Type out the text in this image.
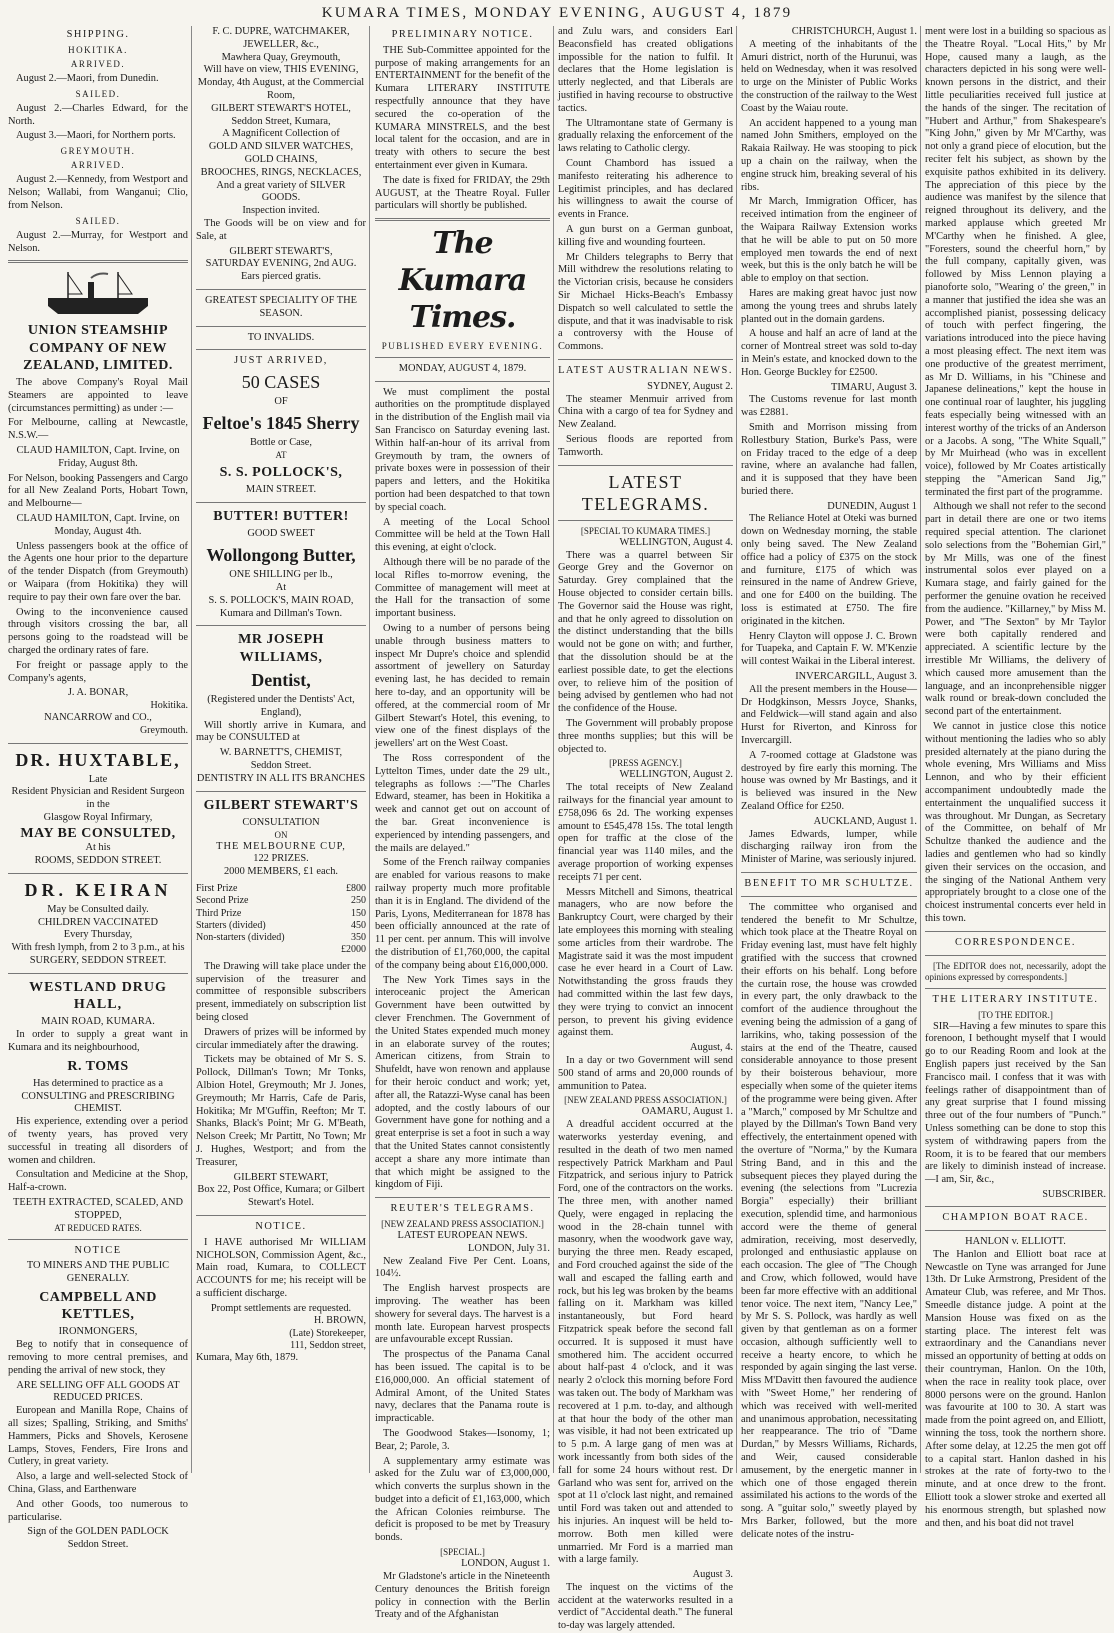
KUMARA TIMES, MONDAY EVENING, AUGUST 4, 1879
SHIPPING.
HOKITIKA.
ARRIVED.

August 2.—Maori, from Dunedin.

SAILED.

August 2.—Charles Edward, for the North.

August 3.—Maori, for Northern ports.

GREYMOUTH.
ARRIVED.

August 2.—Kennedy, from Westport and Nelson; Wallabi, from Wanganui; Clio, from Nelson.

SAILED.

August 2.—Murray, for Westport and Nelson.

UNION STEAMSHIP COMPANY OF NEW ZEALAND, LIMITED.

The above Company's Royal Mail Steamers are appointed to leave (circumstances permitting) as under :—

For Melbourne, calling at Newcastle, N.S.W.—

CLAUD HAMILTON, Capt. Irvine, on Friday, August 8th.

For Nelson, booking Passengers and Cargo for all New Zealand Ports, Hobart Town, and Melbourne—

CLAUD HAMILTON, Capt. Irvine, on Monday, August 4th.

Unless passengers book at the office of the Agents one hour prior to the departure of the tender Dispatch (from Greymouth) or Waipara (from Hokitika) they will require to pay their own fare over the bar.

Owing to the inconvenience caused through visitors crossing the bar, all persons going to the roadstead will be charged the ordinary rates of fare.

For freight or passage apply to the Company's agents,

J. A. BONAR,
Hokitika.
NANCARROW and CO.,
Greymouth.
DR. HUXTABLE,
Late
Resident Physician and Resident Surgeon in the
Glasgow Royal Infirmary,
MAY BE CONSULTED,
At his
ROOMS, SEDDON STREET.
DR. KEIRAN
May be Consulted daily.
CHILDREN VACCINATED
Every Thursday,
With fresh lymph, from 2 to 3 p.m., at his
SURGERY, SEDDON STREET.
WESTLAND DRUG HALL,
MAIN ROAD, KUMARA.

In order to supply a great want in Kumara and its neighbourhood,

R. TOMS
Has determined to practice as a
CONSULTING and PRESCRIBING CHEMIST.

His experience, extending over a period of twenty years, has proved very successful in treating all disorders of women and children.

Consultation and Medicine at the Shop, Half-a-crown.

TEETH EXTRACTED, SCALED, AND STOPPED,
AT REDUCED RATES.
NOTICE
TO MINERS AND THE PUBLIC GENERALLY.
CAMPBELL AND KETTLES,
IRONMONGERS,

Beg to notify that in consequence of removing to more central premises, and pending the arrival of new stock, they

ARE SELLING OFF ALL GOODS AT REDUCED PRICES.

European and Manilla Rope, Chains of all sizes; Spalling, Striking, and Smiths' Hammers, Picks and Shovels, Kerosene Lamps, Stoves, Fenders, Fire Irons and Cutlery, in great variety.

Also, a large and well-selected Stock of China, Glass, and Earthenware

And other Goods, too numerous to particularise.

Sign of the GOLDEN PADLOCK
Seddon Street.
F. C. DUPRE, WATCHMAKER, JEWELLER, &c.,
Mawhera Quay, Greymouth,
Will have on view, THIS EVENING, Monday, 4th August, at the Commercial Room,
GILBERT STEWART'S HOTEL,
Seddon Street, Kumara,
A Magnificent Collection of
GOLD AND SILVER WATCHES,
GOLD CHAINS,
BROOCHES, RINGS, NECKLACES,
And a great variety of SILVER GOODS.
Inspection invited.

The Goods will be on view and for Sale, at

GILBERT STEWART'S,
SATURDAY EVENING, 2nd AUG.
Ears pierced gratis.
GREATEST SPECIALITY OF THE SEASON.
TO INVALIDS.
JUST ARRIVED,
50 CASES
OF
Feltoe's 1845 Sherry
Bottle or Case,
AT
S. S. POLLOCK'S,
MAIN STREET.
BUTTER! BUTTER!
GOOD SWEET
Wollongong Butter,
ONE SHILLING per lb.,
At
S. S. POLLOCK'S, MAIN ROAD,
Kumara and Dillman's Town.
MR JOSEPH WILLIAMS,
Dentist,
(Registered under the Dentists' Act, England),

Will shortly arrive in Kumara, and may be CONSULTED at

W. BARNETT'S, CHEMIST,
Seddon Street.
DENTISTRY IN ALL ITS BRANCHES
GILBERT STEWART'S
CONSULTATION
ON
THE MELBOURNE CUP,
122 PRIZES.
2000 MEMBERS, £1 each.
First Prize	£800
Second Prize	250
Third Prize	150
Starters (divided)	450
Non-starters (divided)	350
£2000

The Drawing will take place under the supervision of the treasurer and committee of responsible subscribers present, immediately on subscription list being closed

Drawers of prizes will be informed by circular immediately after the drawing.

Tickets may be obtained of Mr S. S. Pollock, Dillman's Town; Mr Tonks, Albion Hotel, Greymouth; Mr J. Jones, Greymouth; Mr Harris, Cafe de Paris, Hokitika; Mr M'Guffin, Reefton; Mr T. Shanks, Black's Point; Mr G. M'Beath, Nelson Creek; Mr Partitt, No Town; Mr J. Hughes, Westport; and from the Treasurer,

GILBERT STEWART,
Box 22, Post Office, Kumara; or Gilbert Stewart's Hotel.
NOTICE.

I HAVE authorised Mr WILLIAM NICHOLSON, Commission Agent, &c., Main road, Kumara, to COLLECT ACCOUNTS for me; his receipt will be a sufficient discharge.

Prompt settlements are requested.
H. BROWN,
(Late) Storekeeper,
111, Seddon street,
Kumara, May 6th, 1879.
PRELIMINARY NOTICE.

THE Sub-Committee appointed for the purpose of making arrangements for an ENTERTAINMENT for the benefit of the Kumara LITERARY INSTITUTE respectfully announce that they have secured the co-operation of the KUMARA MINSTRELS, and the best local talent for the occasion, and are in treaty with others to secure the best entertainment ever given in Kumara.

The date is fixed for FRIDAY, the 29th AUGUST, at the Theatre Royal. Fuller particulars will shortly be published.

The Kumara Times.
PUBLISHED EVERY EVENING.
MONDAY, AUGUST 4, 1879.

We must compliment the postal authorities on the promptitude displayed in the distribution of the English mail via San Francisco on Saturday evening last. Within half-an-hour of its arrival from Greymouth by tram, the owners of private boxes were in possession of their papers and letters, and the Hokitika portion had been despatched to that town by special coach.

A meeting of the Local School Committee will be held at the Town Hall this evening, at eight o'clock.

Although there will be no parade of the local Rifles to-morrow evening, the Committee of management will meet at the Hall for the transaction of some important business.

Owing to a number of persons being unable through business matters to inspect Mr Dupre's choice and splendid assortment of jewellery on Saturday evening last, he has decided to remain here to-day, and an opportunity will be offered, at the commercial room of Mr Gilbert Stewart's Hotel, this evening, to view one of the finest displays of the jewellers' art on the West Coast.

The Ross correspondent of the Lyttelton Times, under date the 29 ult., telegraphs as follows :—"The Charles Edward, steamer, has been in Hokitika a week and cannot get out on account of the bar. Great inconvenience is experienced by intending passengers, and the mails are delayed."

Some of the French railway companies are enabled for various reasons to make railway property much more profitable than it is in England. The dividend of the Paris, Lyons, Mediterranean for 1878 has been officially announced at the rate of 11 per cent. per annum. This will involve the distribution of £1,760,000, the capital of the company being about £16,000,000.

The New York Times says in the interoceanic project the American Government have been outwitted by clever Frenchmen. The Government of the United States expended much money in an elaborate survey of the routes; American citizens, from Strain to Shufeldt, have won renown and applause for their heroic conduct and work; yet, after all, the Ratazzi-Wyse canal has been adopted, and the costly labours of our Government have gone for nothing and a great enterprise is set a foot in such a way that the United States cannot consistently accept a share any more intimate than that which might be assigned to the kingdom of Fiji.

REUTER'S TELEGRAMS.
[NEW ZEALAND PRESS ASSOCIATION.]
LATEST EUROPEAN NEWS.
LONDON, July 31.

New Zealand Five Per Cent. Loans, 104½.

The English harvest prospects are improving. The weather has been showery for several days. The harvest is a month late. European harvest prospects are unfavourable except Russian.

The prospectus of the Panama Canal has been issued. The capital is to be £16,000,000. An official statement of Admiral Amont, of the United States navy, declares that the Panama route is impracticable.

The Goodwood Stakes—Isonomy, 1; Bear, 2; Parole, 3.

A supplementary army estimate was asked for the Zulu war of £3,000,000, which converts the surplus shown in the budget into a deficit of £1,163,000, which the African Colonies reimburse. The deficit is proposed to be met by Treasury bonds.

[SPECIAL.]
LONDON, August 1.

Mr Gladstone's article in the Nineteenth Century denounces the British foreign policy in connection with the Berlin Treaty and of the Afghanistan

and Zulu wars, and considers Earl Beaconsfield has created obligations impossible for the nation to fulfil. It declares that the Home legislation is utterly neglected, and that Liberals are justified in having recourse to obstructive tactics.

The Ultramontane state of Germany is gradually relaxing the enforcement of the laws relating to Catholic clergy.

Count Chambord has issued a manifesto reiterating his adherence to Legitimist principles, and has declared his willingness to await the course of events in France.

A gun burst on a German gunboat, killing five and wounding fourteen.

Mr Childers telegraphs to Berry that Mill withdrew the resolutions relating to the Victorian crisis, because he considers Sir Michael Hicks-Beach's Embassy Dispatch so well calculated to settle the dispute, and that it was inadvisable to risk a controversy with the House of Commons.

LATEST AUSTRALIAN NEWS.
SYDNEY, August 2.

The steamer Menmuir arrived from China with a cargo of tea for Sydney and New Zealand.

Serious floods are reported from Tamworth.

LATEST TELEGRAMS.
[SPECIAL TO KUMARA TIMES.]
WELLINGTON, August 4.

There was a quarrel between Sir George Grey and the Governor on Saturday. Grey complained that the House objected to consider certain bills. The Governor said the House was right, and that he only agreed to dissolution on the distinct understanding that the bills would not be gone on with; and further, that the dissolution should be at the earliest possible date, to get the elections over, to relieve him of the position of being advised by gentlemen who had not the confidence of the House.

The Government will probably propose three months supplies; but this will be objected to.

[PRESS AGENCY.]
WELLINGTON, August 2.

The total receipts of New Zealand railways for the financial year amount to £758,096 6s 2d. The working expenses amount to £545,478 15s. The total length open for traffic at the close of the financial year was 1140 miles, and the average proportion of working expenses receipts 71 per cent.

Messrs Mitchell and Simons, theatrical managers, who are now before the Bankruptcy Court, were charged by their late employees this morning with stealing some articles from their wardrobe. The Magistrate said it was the most impudent case he ever heard in a Court of Law. Notwithstanding the gross frauds they had committed within the last few days, they were trying to convict an innocent person, to prevent his giving evidence against them.

August, 4.

In a day or two Government will send 500 stand of arms and 20,000 rounds of ammunition to Patea.

[NEW ZEALAND PRESS ASSOCIATION.]
OAMARU, August 1.

A dreadful accident occurred at the waterworks yesterday evening, and resulted in the death of two men named respectively Patrick Markham and Paul Fitzpatrick, and serious injury to Patrick Ford, one of the contractors on the works. The three men, with another named Quely, were engaged in replacing the wood in the 28-chain tunnel with masonry, when the woodwork gave way, burying the three men. Ready escaped, and Ford crouched against the side of the wall and escaped the falling earth and rock, but his leg was broken by the beams falling on it. Markham was killed instantaneously, but Ford heard Fitzpatrick speak before the second fall occurred. It is supposed it must have smothered him. The accident occurred about half-past 4 o'clock, and it was nearly 2 o'clock this morning before Ford was taken out. The body of Markham was recovered at 1 p.m. to-day, and although at that hour the body of the other man was visible, it had not been extricated up to 5 p.m. A large gang of men was at work incessantly from both sides of the fall for some 24 hours without rest. Dr Garland who was sent for, arrived on the spot at 11 o'clock last night, and remained until Ford was taken out and attended to his injuries. An inquest will be held to-morrow. Both men killed were unmarried. Mr Ford is a married man with a large family.

August 3.

The inquest on the victims of the accident at the waterworks resulted in a verdict of "Accidental death." The funeral to-day was largely attended.

CHRISTCHURCH, August 1.

A meeting of the inhabitants of the Amuri district, north of the Hurunui, was held on Wednesday, when it was resolved to urge on the Minister of Public Works the construction of the railway to the West Coast by the Waiau route.

An accident happened to a young man named John Smithers, employed on the Rakaia Railway. He was stooping to pick up a chain on the railway, when the engine struck him, breaking several of his ribs.

Mr March, Immigration Officer, has received intimation from the engineer of the Waipara Railway Extension works that he will be able to put on 50 more employed men towards the end of next week, but this is the only batch he will be able to employ on that section.

Hares are making great havoc just now among the young trees and shrubs lately planted out in the domain gardens.

A house and half an acre of land at the corner of Montreal street was sold to-day in Mein's estate, and knocked down to the Hon. George Buckley for £2500.

TIMARU, August 3.

The Customs revenue for last month was £2881.

Smith and Morrison missing from Rollestbury Station, Burke's Pass, were on Friday traced to the edge of a deep ravine, where an avalanche had fallen, and it is supposed that they have been buried there.

DUNEDIN, August 1

The Reliance Hotel at Oteki was burned down on Wednesday morning, the stable only being saved. The New Zealand office had a policy of £375 on the stock and furniture, £175 of which was reinsured in the name of Andrew Grieve, and one for £400 on the building. The loss is estimated at £750. The fire originated in the kitchen.

Henry Clayton will oppose J. C. Brown for Tuapeka, and Captain F. W. M'Kenzie will contest Waikai in the Liberal interest.

INVERCARGILL, August 3.

All the present members in the House—Dr Hodgkinson, Messrs Joyce, Shanks, and Feldwick—will stand again and also Hurst for Riverton, and Kinross for Invercargill.

A 7-roomed cottage at Gladstone was destroyed by fire early this morning. The house was owned by Mr Bastings, and it is believed was insured in the New Zealand Office for £250.

AUCKLAND, August 1.

James Edwards, lumper, while discharging railway iron from the Minister of Marine, was seriously injured.

BENEFIT TO MR SCHULTZE.

The committee who organised and tendered the benefit to Mr Schultze, which took place at the Theatre Royal on Friday evening last, must have felt highly gratified with the success that crowned their efforts on his behalf. Long before the curtain rose, the house was crowded in every part, the only drawback to the comfort of the audience throughout the evening being the admission of a gang of larrikins, who, taking possession of the stairs at the end of the Theatre, caused considerable annoyance to those present by their boisterous behaviour, more especially when some of the quieter items of the programme were being given. After a "March," composed by Mr Schultze and played by the Dillman's Town Band very effectively, the entertainment opened with the overture of "Norma," by the Kumara String Band, and in this and the subsequent pieces they played during the evening (the selections from "Lucrezia Borgia" especially) their brilliant execution, splendid time, and harmonious accord were the theme of general admiration, receiving, most deservedly, prolonged and enthusiastic applause on each occasion. The glee of "The Chough and Crow, which followed, would have been far more effective with an additional tenor voice. The next item, "Nancy Lee," by Mr S. S. Pollock, was hardly as well given by that gentleman as on a former occasion, although sufficiently well to receive a hearty encore, to which he responded by again singing the last verse. Miss M'Davitt then favoured the audience with "Sweet Home," her rendering of which was received with well-merited and unanimous approbation, necessitating her reappearance. The trio of "Dame Durdan," by Messrs Williams, Richards, and Weir, caused considerable amusement, by the energetic manner in which one of those engaged therein assimilated his actions to the words of the song. A "guitar solo," sweetly played by Mrs Barker, followed, but the more delicate notes of the instru-

ment were lost in a building so spacious as the Theatre Royal. "Local Hits," by Mr Hope, caused many a laugh, as the characters depicted in his song were well-known persons in the district, and their little peculiarities received full justice at the hands of the singer. The recitation of "Hubert and Arthur," from Shakespeare's "King John," given by Mr M'Carthy, was not only a grand piece of elocution, but the reciter felt his subject, as shown by the exquisite pathos exhibited in its delivery. The appreciation of this piece by the audience was manifest by the silence that reigned throughout its delivery, and the marked applause which greeted Mr M'Carthy when he finished. A glee, "Foresters, sound the cheerful horn," by the full company, capitally given, was followed by Miss Lennon playing a pianoforte solo, "Wearing o' the green," in a manner that justified the idea she was an accomplished pianist, possessing delicacy of touch with perfect fingering, the variations introduced into the piece having a most pleasing effect. The next item was one productive of the greatest merriment, as Mr D. Williams, in his "Chinese and Japanese delineations," kept the house in one continual roar of laughter, his juggling feats especially being witnessed with an interest worthy of the tricks of an Anderson or a Jacobs. A song, "The White Squall," by Mr Muirhead (who was in excellent voice), followed by Mr Coates artistically stepping the "American Sand Jig," terminated the first part of the programme.

Although we shall not refer to the second part in detail there are one or two items required special attention. The clarionet solo selections from the "Bohemian Girl," by Mr Mills, was one of the finest instrumental solos ever played on a Kumara stage, and fairly gained for the performer the genuine ovation he received from the audience. "Killarney," by Miss M. Power, and "The Sexton" by Mr Taylor were both capitally rendered and appreciated. A scientific lecture by the irrestible Mr Williams, the delivery of which caused more amusement than the language, and an inconprehensible nigger walk round or break-down concluded the second part of the entertainment.

We cannot in justice close this notice without mentioning the ladies who so ably presided alternately at the piano during the whole evening, Mrs Williams and Miss Lennon, and who by their efficient accompaniment undoubtedly made the entertainment the unqualified success it was throughout. Mr Dungan, as Secretary of the Committee, on behalf of Mr Schultze thanked the audience and the ladies and gentlemen who had so kindly given their services on the occasion, and the singing of the National Anthem very appropriately brought to a close one of the choicest instrumental concerts ever held in this town.

CORRESPONDENCE.

[The EDITOR does not, necessarily, adopt the opinions expressed by correspondents.]

THE LITERARY INSTITUTE.
[TO THE EDITOR.]

SIR—Having a few minutes to spare this forenoon, I bethought myself that I would go to our Reading Room and look at the English papers just received by the San Francisco mail. I confess that it was with feelings rather of disappointment than of any great surprise that I found missing three out of the four numbers of "Punch." Unless something can be done to stop this system of withdrawing papers from the Room, it is to be feared that our members are likely to diminish instead of increase.—I am, Sir, &c.,

SUBSCRIBER.
CHAMPION BOAT RACE.
HANLON v. ELLIOTT.

The Hanlon and Elliott boat race at Newcastle on Tyne was arranged for June 13th. Dr Luke Armstrong, President of the Amateur Club, was referee, and Mr Thos. Smeedle distance judge. A point at the Mansion House was fixed on as the starting place. The interest felt was extraordinary and the Canandians never missed an opportunity of betting at odds on their countryman, Hanlon. On the 10th, when the race in reality took place, over 8000 persons were on the ground. Hanlon was favourite at 100 to 30. A start was made from the point agreed on, and Elliott, winning the toss, took the northern shore. After some delay, at 12.25 the men got off to a capital start. Hanlon dashed in his strokes at the rate of forty-two to the minute, and at once drew to the front. Elliott took a slower stroke and exerted all his enormous strength, but splashed now and then, and his boat did not travel
